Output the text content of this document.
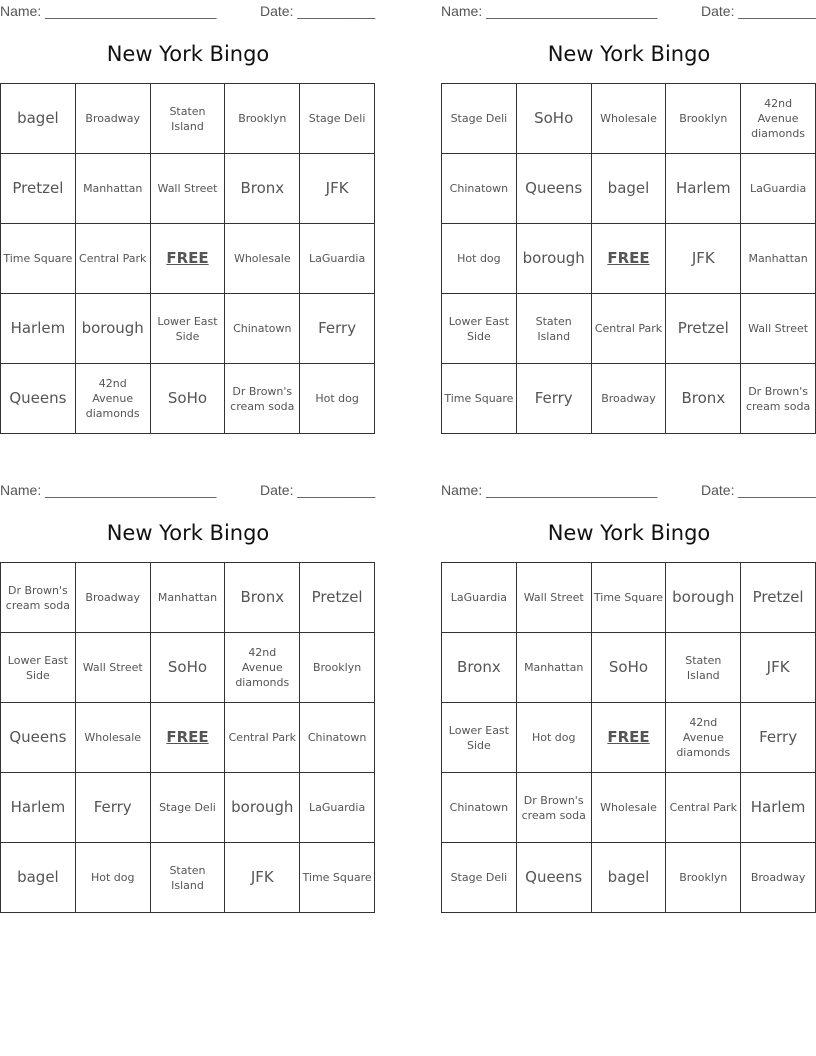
Name: ______________________	Date: __________
New York Bingo
bagel	Broadway	Staten Island	Brooklyn	Stage Deli
Pretzel	Manhattan	Wall Street	Bronx	JFK
Time Square	Central Park	FREE	Wholesale	LaGuardia
Harlem	borough	Lower East Side	Chinatown	Ferry
Queens	42nd Avenue diamonds	SoHo	Dr Brown's cream soda	Hot dog
Name: ______________________	Date: __________
New York Bingo
Stage Deli	SoHo	Wholesale	Brooklyn	42nd Avenue diamonds
Chinatown	Queens	bagel	Harlem	LaGuardia
Hot dog	borough	FREE	JFK	Manhattan
Lower East Side	Staten Island	Central Park	Pretzel	Wall Street
Time Square	Ferry	Broadway	Bronx	Dr Brown's cream soda
Name: ______________________	Date: __________
New York Bingo
Dr Brown's cream soda	Broadway	Manhattan	Bronx	Pretzel
Lower East Side	Wall Street	SoHo	42nd Avenue diamonds	Brooklyn
Queens	Wholesale	FREE	Central Park	Chinatown
Harlem	Ferry	Stage Deli	borough	LaGuardia
bagel	Hot dog	Staten Island	JFK	Time Square
Name: ______________________	Date: __________
New York Bingo
LaGuardia	Wall Street	Time Square	borough	Pretzel
Bronx	Manhattan	SoHo	Staten Island	JFK
Lower East Side	Hot dog	FREE	42nd Avenue diamonds	Ferry
Chinatown	Dr Brown's cream soda	Wholesale	Central Park	Harlem
Stage Deli	Queens	bagel	Brooklyn	Broadway
